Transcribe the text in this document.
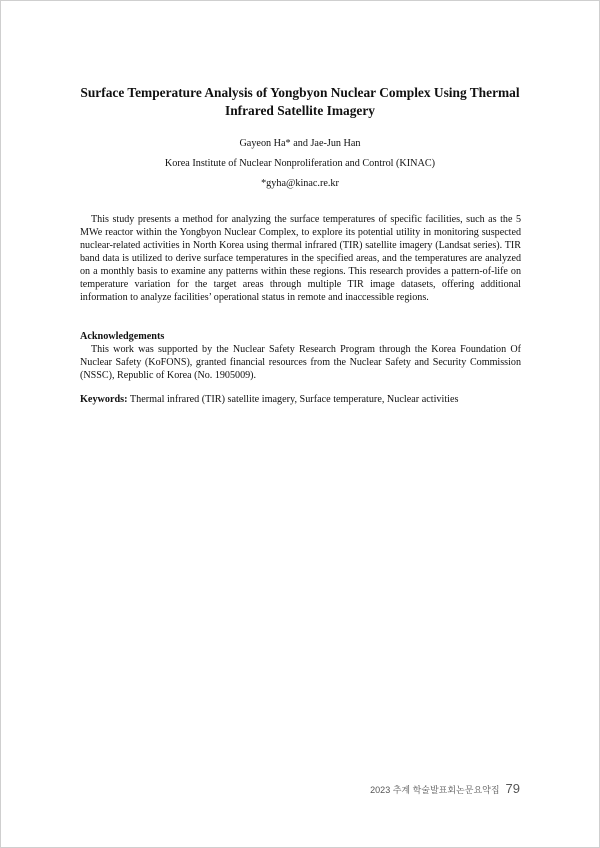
Surface Temperature Analysis of Yongbyon Nuclear Complex Using Thermal Infrared Satellite Imagery
Gayeon Ha* and Jae-Jun Han
Korea Institute of Nuclear Nonproliferation and Control (KINAC)
*gyha@kinac.re.kr

This study presents a method for analyzing the surface temperatures of specific facilities, such as the 5 MWe reactor within the Yongbyon Nuclear Complex, to explore its potential utility in monitoring suspected nuclear-related activities in North Korea using thermal infrared (TIR) satellite imagery (Landsat series). TIR band data is utilized to derive surface temperatures in the specified areas, and the temperatures are analyzed on a monthly basis to examine any patterns within these regions. This research provides a pattern-of-life on temperature variation for the target areas through multiple TIR image datasets, offering additional information to analyze facilities’ operational status in remote and inaccessible regions.

Acknowledgements

This work was supported by the Nuclear Safety Research Program through the Korea Foundation Of Nuclear Safety (KoFONS), granted financial resources from the Nuclear Safety and Security Commission (NSSC), Republic of Korea (No. 1905009).

Keywords: Thermal infrared (TIR) satellite imagery, Surface temperature, Nuclear activities

2023 추계 학술발표회논문요약집 79
